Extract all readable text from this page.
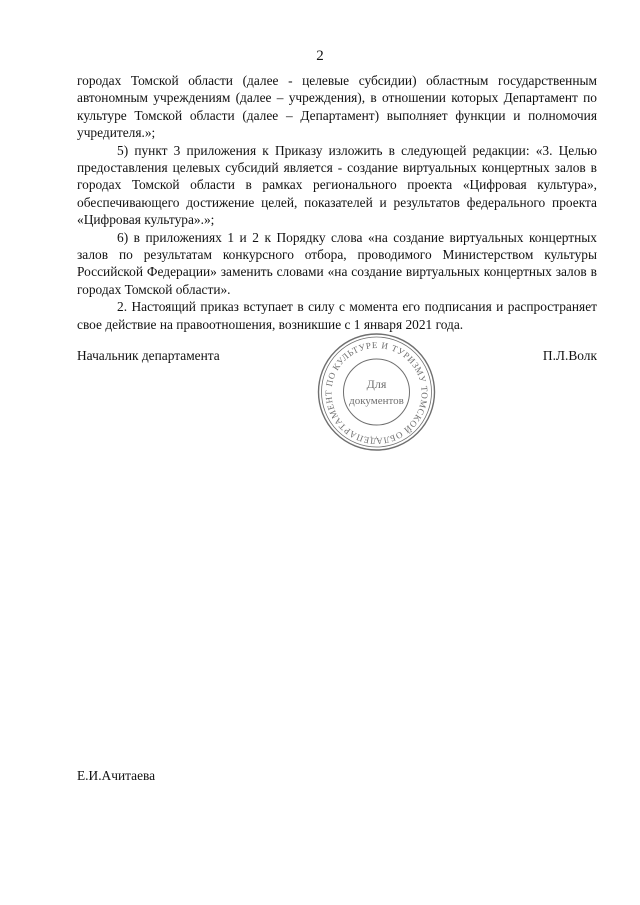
2

городах Томской области (далее - целевые субсидии) областным государственным автономным учреждениям (далее – учреждения), в отношении которых Департамент по культуре Томской области (далее – Департамент) выполняет функции и полномочия учредителя.»;

5) пункт 3 приложения к Приказу изложить в следующей редакции: «3. Целью предоставления целевых субсидий является - создание виртуальных концертных залов в городах Томской области в рамках регионального проекта «Цифровая культура», обеспечивающего достижение целей, показателей и результатов федерального проекта «Цифровая культура».»;

6) в приложениях 1 и 2 к Порядку слова «на создание виртуальных концертных залов по результатам конкурсного отбора, проводимого Министерством культуры Российской Федерации» заменить словами «на создание виртуальных концертных залов в городах Томской области».

2. Настоящий приказ вступает в силу с момента его подписания и распространяет свое действие на правоотношения, возникшие с 1 января 2021 года.

Начальник департамента
ДЕПАРТАМЕНТ ПО КУЛЬТУРЕ И ТУРИЗМУ ТОМСКОЙ ОБЛА
Для
документов
П.Л.Волк
Е.И.Ачитаева
